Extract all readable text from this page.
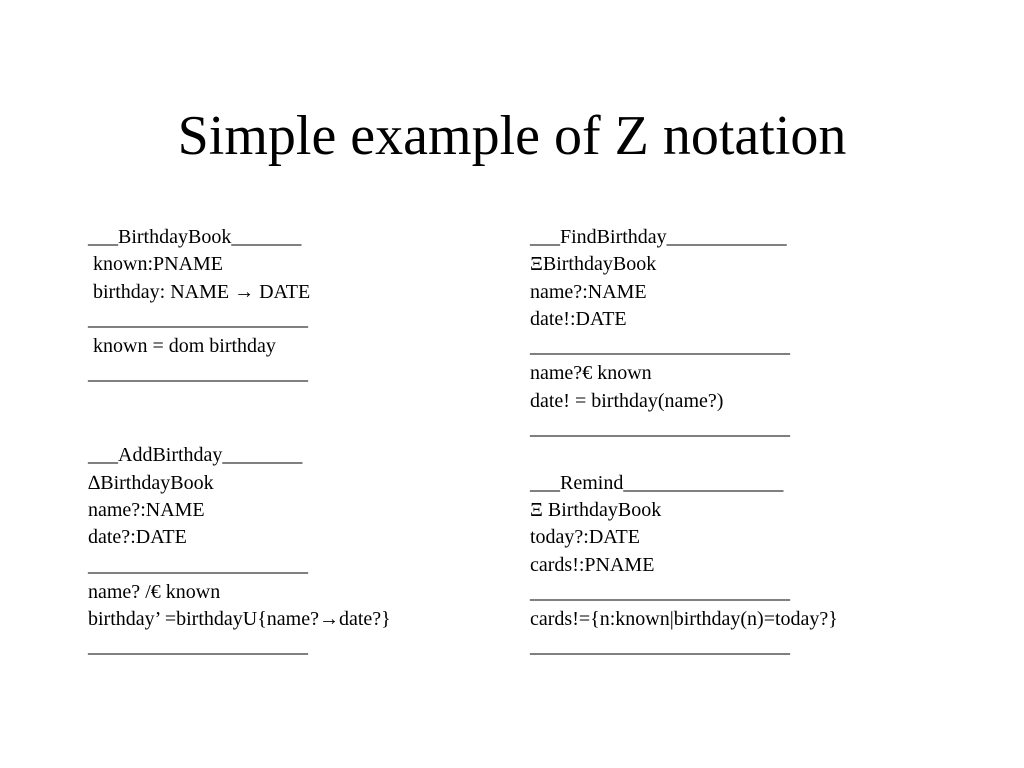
Simple example of Z notation
___BirthdayBook_______
known:PNAME
birthday: NAME → DATE
______________________
known = dom birthday
______________________
___AddBirthday________
∆BirthdayBook
name?:NAME
date?:DATE
______________________
name? /€ known
birthday’ =birthdayU{name?→date?}
______________________
___FindBirthday____________
ΞBirthdayBook
name?:NAME
date!:DATE
__________________________
name?€ known
date! = birthday(name?)
__________________________
___Remind________________
Ξ BirthdayBook
today?:DATE
cards!:PNAME
__________________________
cards!={n:known|birthday(n)=today?}
__________________________
